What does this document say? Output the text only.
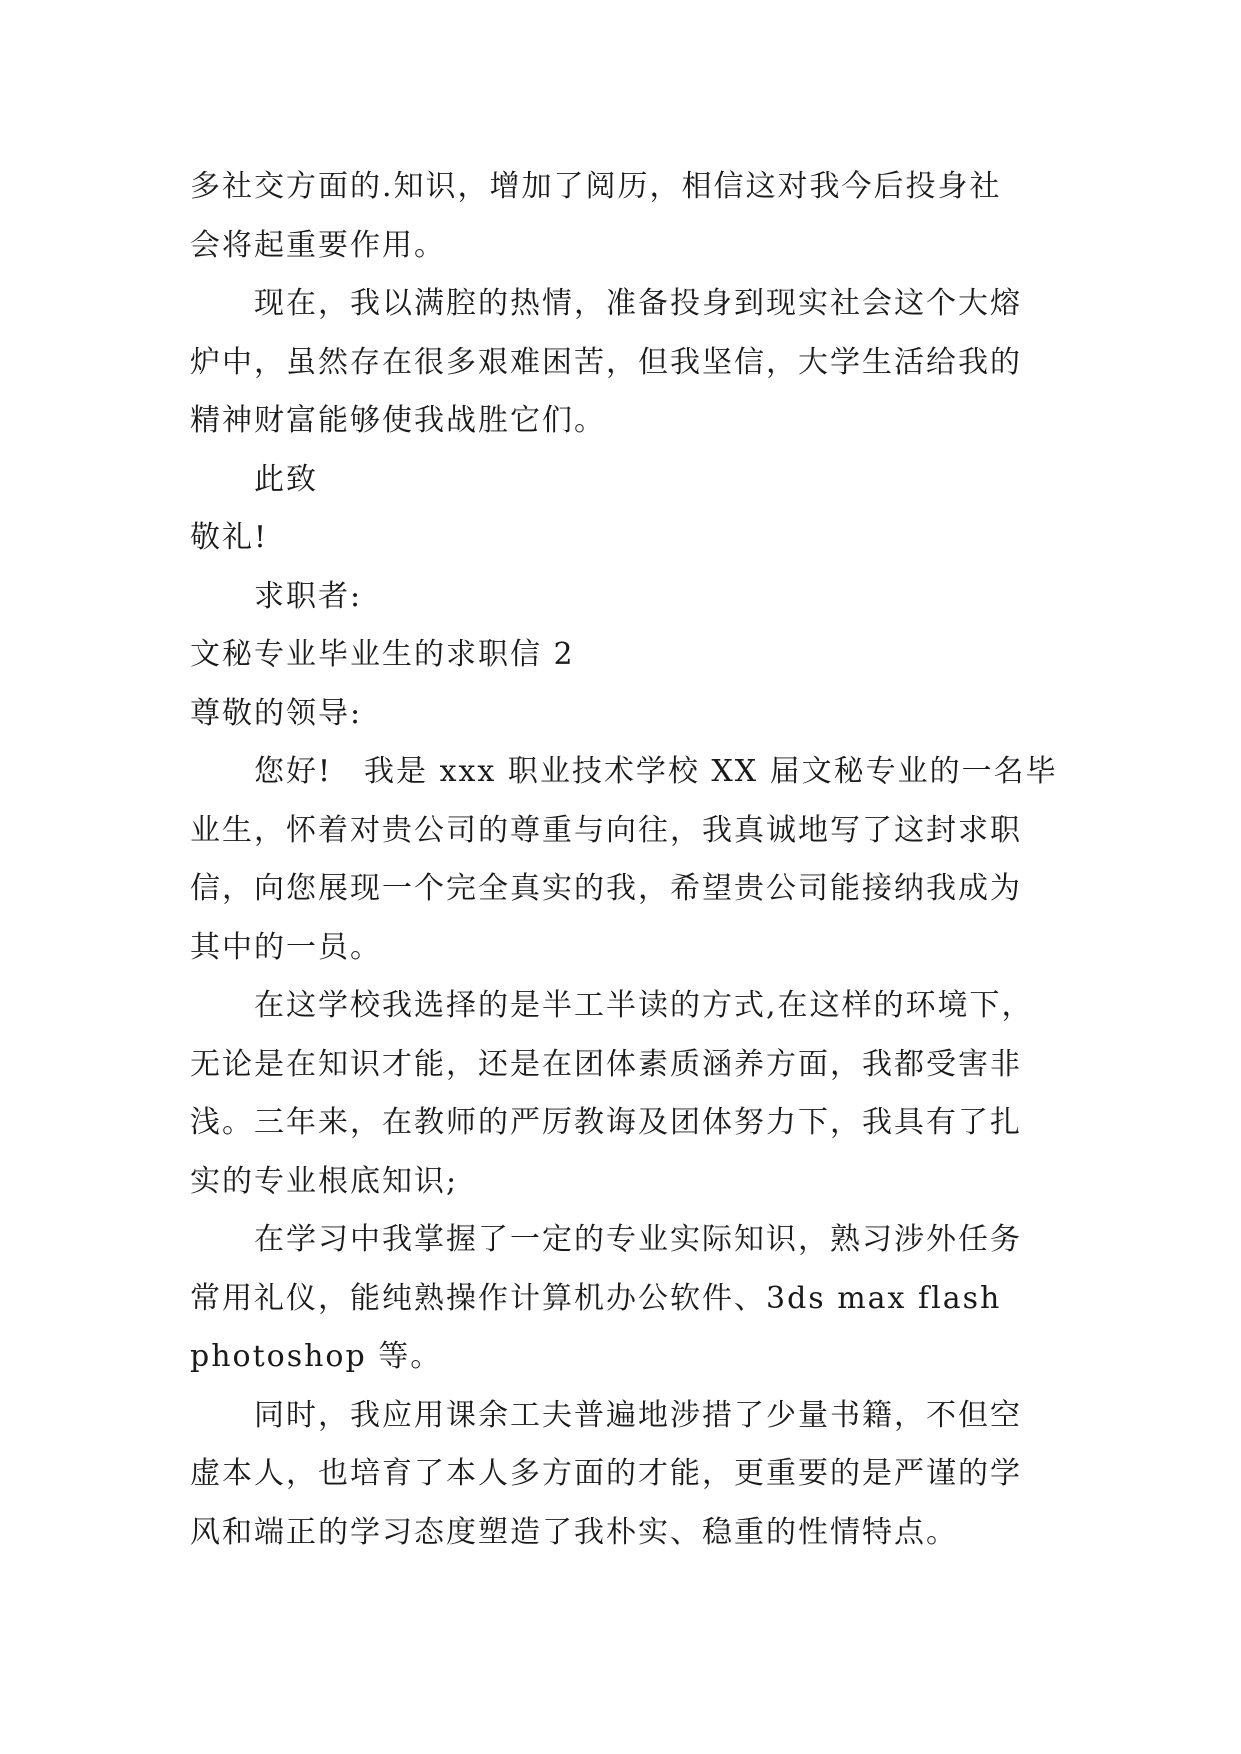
多社交方面的.知识，增加了阅历，相信这对我今后投身社
会将起重要作用。
现在，我以满腔的热情，准备投身到现实社会这个大熔
炉中，虽然存在很多艰难困苦，但我坚信，大学生活给我的
精神财富能够使我战胜它们。
此致
敬礼!
求职者:
文秘专业毕业生的求职信 2
尊敬的领导:
您好!　我是 xxx 职业技术学校 XX 届文秘专业的一名毕
业生，怀着对贵公司的尊重与向往，我真诚地写了这封求职
信，向您展现一个完全真实的我，希望贵公司能接纳我成为
其中的一员。
在这学校我选择的是半工半读的方式,在这样的环境下，
无论是在知识才能，还是在团体素质涵养方面，我都受害非
浅。三年来，在教师的严厉教诲及团体努力下，我具有了扎
实的专业根底知识;
在学习中我掌握了一定的专业实际知识，熟习涉外任务
常用礼仪，能纯熟操作计算机办公软件、3ds max flash
photoshop 等。
同时，我应用课余工夫普遍地涉措了少量书籍，不但空
虚本人，也培育了本人多方面的才能，更重要的是严谨的学
风和端正的学习态度塑造了我朴实、稳重的性情特点。
